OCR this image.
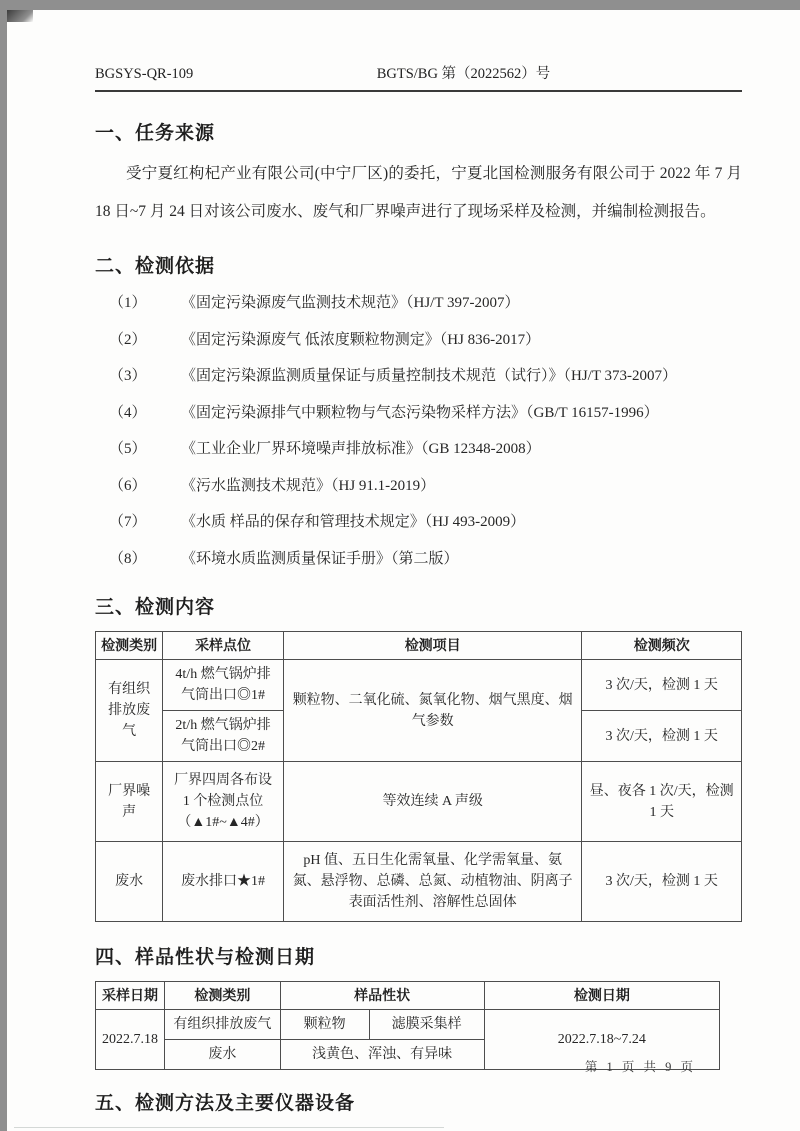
BGSYS-QR-109	BGTS/BG 第（2022562）号
一、任务来源

受宁夏红枸杞产业有限公司(中宁厂区)的委托，宁夏北国检测服务有限公司于 2022 年 7 月 18 日~7 月 24 日对该公司废水、废气和厂界噪声进行了现场采样及检测，并编制检测报告。

二、检测依据
（1）	《固定污染源废气监测技术规范》（HJ/T 397-2007）
（2）	《固定污染源废气 低浓度颗粒物测定》（HJ 836-2017）
（3）	《固定污染源监测质量保证与质量控制技术规范（试行）》（HJ/T 373-2007）
（4）	《固定污染源排气中颗粒物与气态污染物采样方法》（GB/T 16157-1996）
（5）	《工业企业厂界环境噪声排放标准》（GB 12348-2008）
（6）	《污水监测技术规范》（HJ 91.1-2019）
（7）	《水质 样品的保存和管理技术规定》（HJ 493-2009）
（8）	《环境水质监测质量保证手册》（第二版）
三、检测内容
检测类别	采样点位	检测项目	检测频次
有组织排放废气	4t/h 燃气锅炉排气筒出口◎1#	颗粒物、二氧化硫、氮氧化物、烟气黑度、烟气参数	3 次/天，检测 1 天
	2t/h 燃气锅炉排气筒出口◎2#		3 次/天，检测 1 天
厂界噪声	厂界四周各布设 1 个检测点位 （▲1#~▲4#）	等效连续 A 声级	昼、夜各 1 次/天，检测 1 天
废水	废水排口★1#	pH 值、五日生化需氧量、化学需氧量、氨氮、悬浮物、总磷、总氮、动植物油、阴离子表面活性剂、溶解性总固体	3 次/天，检测 1 天
四、样品性状与检测日期
采样日期	检测类别	样品性状		检测日期
2022.7.18	有组织排放废气	颗粒物	滤膜采集样	2022.7.18~7.24
	废水	浅黄色、浑浊、有异味		
五、检测方法及主要仪器设备
第 1 页 共 9 页
